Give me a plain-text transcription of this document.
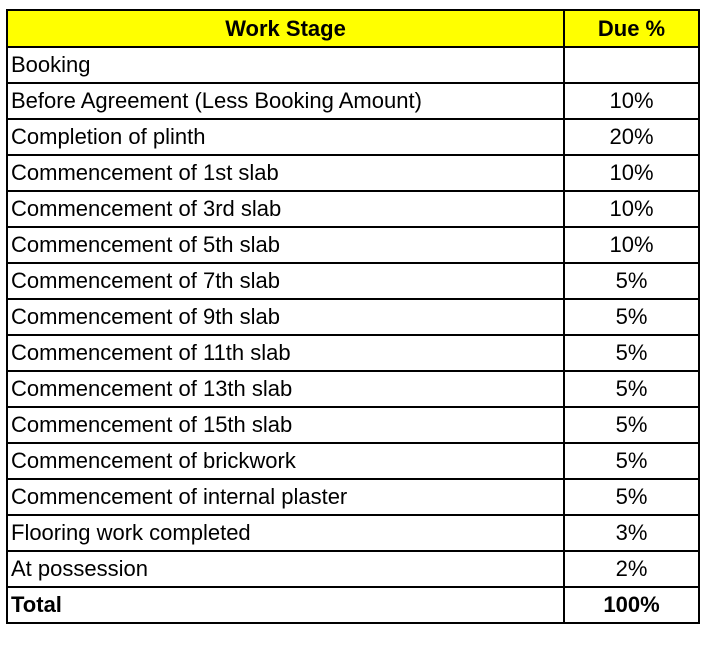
Work Stage	Due %
Booking	
Before Agreement (Less Booking Amount)	10%
Completion of plinth	20%
Commencement of 1st slab	10%
Commencement of 3rd slab	10%
Commencement of 5th slab	10%
Commencement of 7th slab	5%
Commencement of 9th slab	5%
Commencement of 11th slab	5%
Commencement of 13th slab	5%
Commencement of 15th slab	5%
Commencement of brickwork	5%
Commencement of internal plaster	5%
Flooring work completed	3%
At possession	2%
Total	100%
